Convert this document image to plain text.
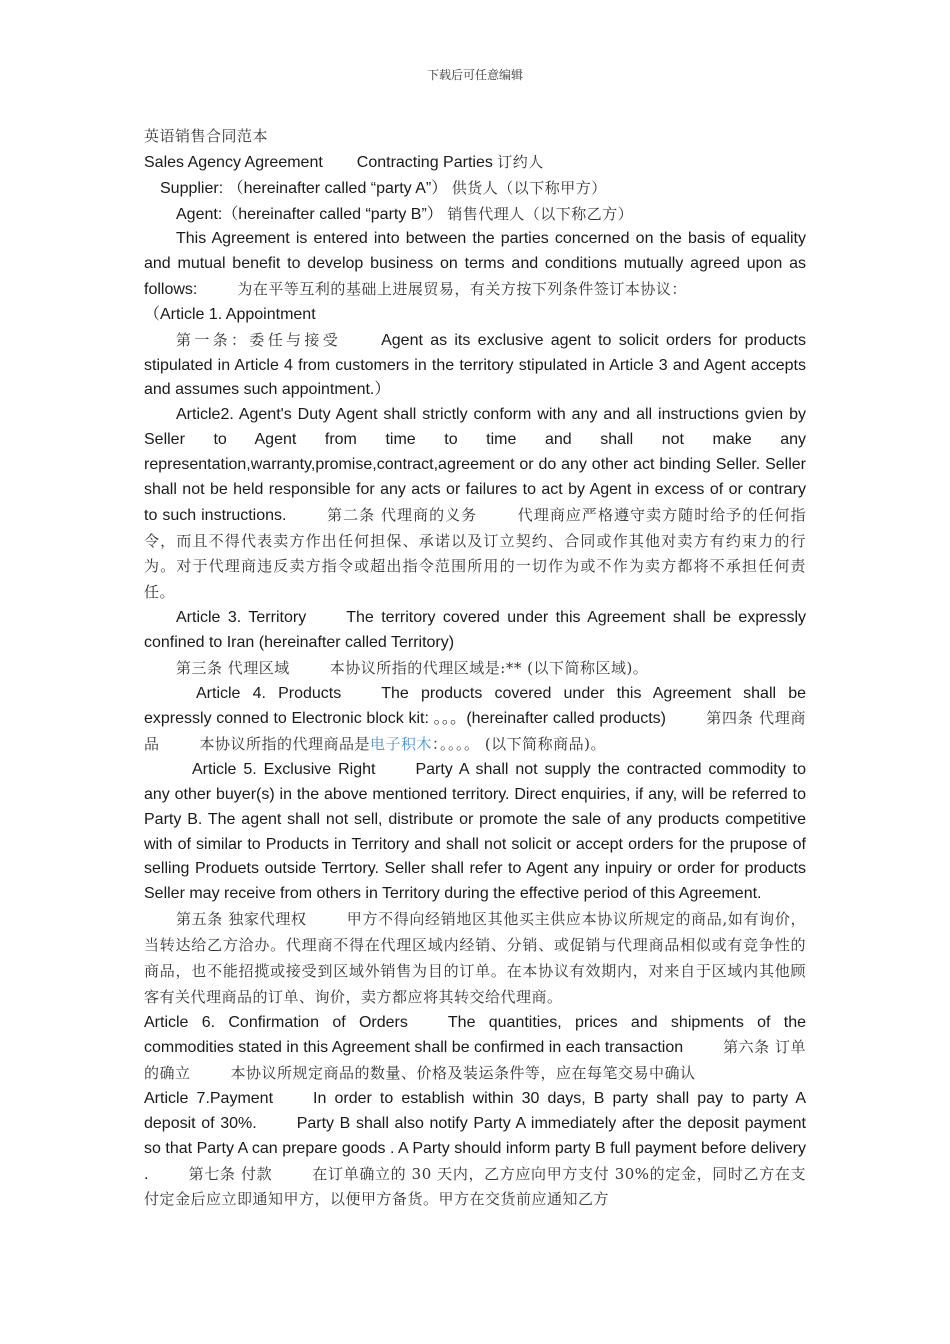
下载后可任意编辑

英语销售合同范本

Sales Agency Agreement Contracting Parties 订约人

Supplier: （hereinafter called “party A”） 供货人（以下称甲方）

Agent:（hereinafter called “party B”） 销售代理人（以下称乙方）

This Agreement is entered into between the parties concerned on the basis of equality and mutual benefit to develop business on terms and conditions mutually agreed upon as follows:	为在平等互利的基础上进展贸易，有关方按下列条件签订本协议：

（Article 1. Appointment

第一条：委任与接受	Agent as its exclusive agent to solicit orders for products stipulated in Article 4 from customers in the territory stipulated in Article 3 and Agent accepts and assumes such appointment.）

Article2. Agent's Duty Agent shall strictly conform with any and all instructions gvien by Seller to Agent from time to time and shall not make any representation,warranty,promise,contract,agreement or do any other act binding Seller. Seller shall not be held responsible for any acts or failures to act by Agent in excess of or contrary to such instructions.	第二条 代理商的义务	代理商应严格遵守卖方随时给予的任何指令，而且不得代表卖方作出任何担保、承诺以及订立契约、合同或作其他对卖方有约束力的行为。对于代理商违反卖方指令或超出指令范围所用的一切作为或不作为卖方都将不承担任何责任。

Article 3. Territory	The territory covered under this Agreement shall be expressly confined to Iran (hereinafter called Territory)

第三条 代理区域	本协议所指的代理区域是:** (以下简称区域)。

Article 4. Products	The products covered under this Agreement shall be expressly conned to Electronic block kit: 。。。(hereinafter called products)	第四条 代理商品	本协议所指的代理商品是电子积木：。。。。 (以下简称商品)。

Article 5. Exclusive Right	Party A shall not supply the contracted commodity to any other buyer(s) in the above mentioned territory. Direct enquiries, if any, will be referred to Party B. The agent shall not sell, distribute or promote the sale of any products competitive with of similar to Products in Territory and shall not solicit or accept orders for the prupose of selling Produets outside Terrtory. Seller shall refer to Agent any inpuiry or order for products Seller may receive from others in Territory during the effective period of this Agreement.

第五条 独家代理权	甲方不得向经销地区其他买主供应本协议所规定的商品,如有询价，当转达给乙方洽办。代理商不得在代理区域内经销、分销、或促销与代理商品相似或有竞争性的商品，也不能招揽或接受到区域外销售为目的订单。在本协议有效期内，对来自于区域内其他顾客有关代理商品的订单、询价，卖方都应将其转交给代理商。

Article 6. Confirmation of Orders	The quantities, prices and shipments of the commodities stated in this Agreement shall be confirmed in each transaction	第六条 订单的确立	本协议所规定商品的数量、价格及装运条件等，应在每笔交易中确认

Article 7.Payment	In order to establish within 30 days, B party shall pay to party A deposit of 30%.	Party B shall also notify Party A immediately after the deposit payment so that Party A can prepare goods . A Party should inform party B full payment before delivery .	第七条 付款	在订单确立的 30 天内，乙方应向甲方支付 30%的定金，同时乙方在支付定金后应立即通知甲方，以便甲方备货。甲方在交货前应通知乙方
